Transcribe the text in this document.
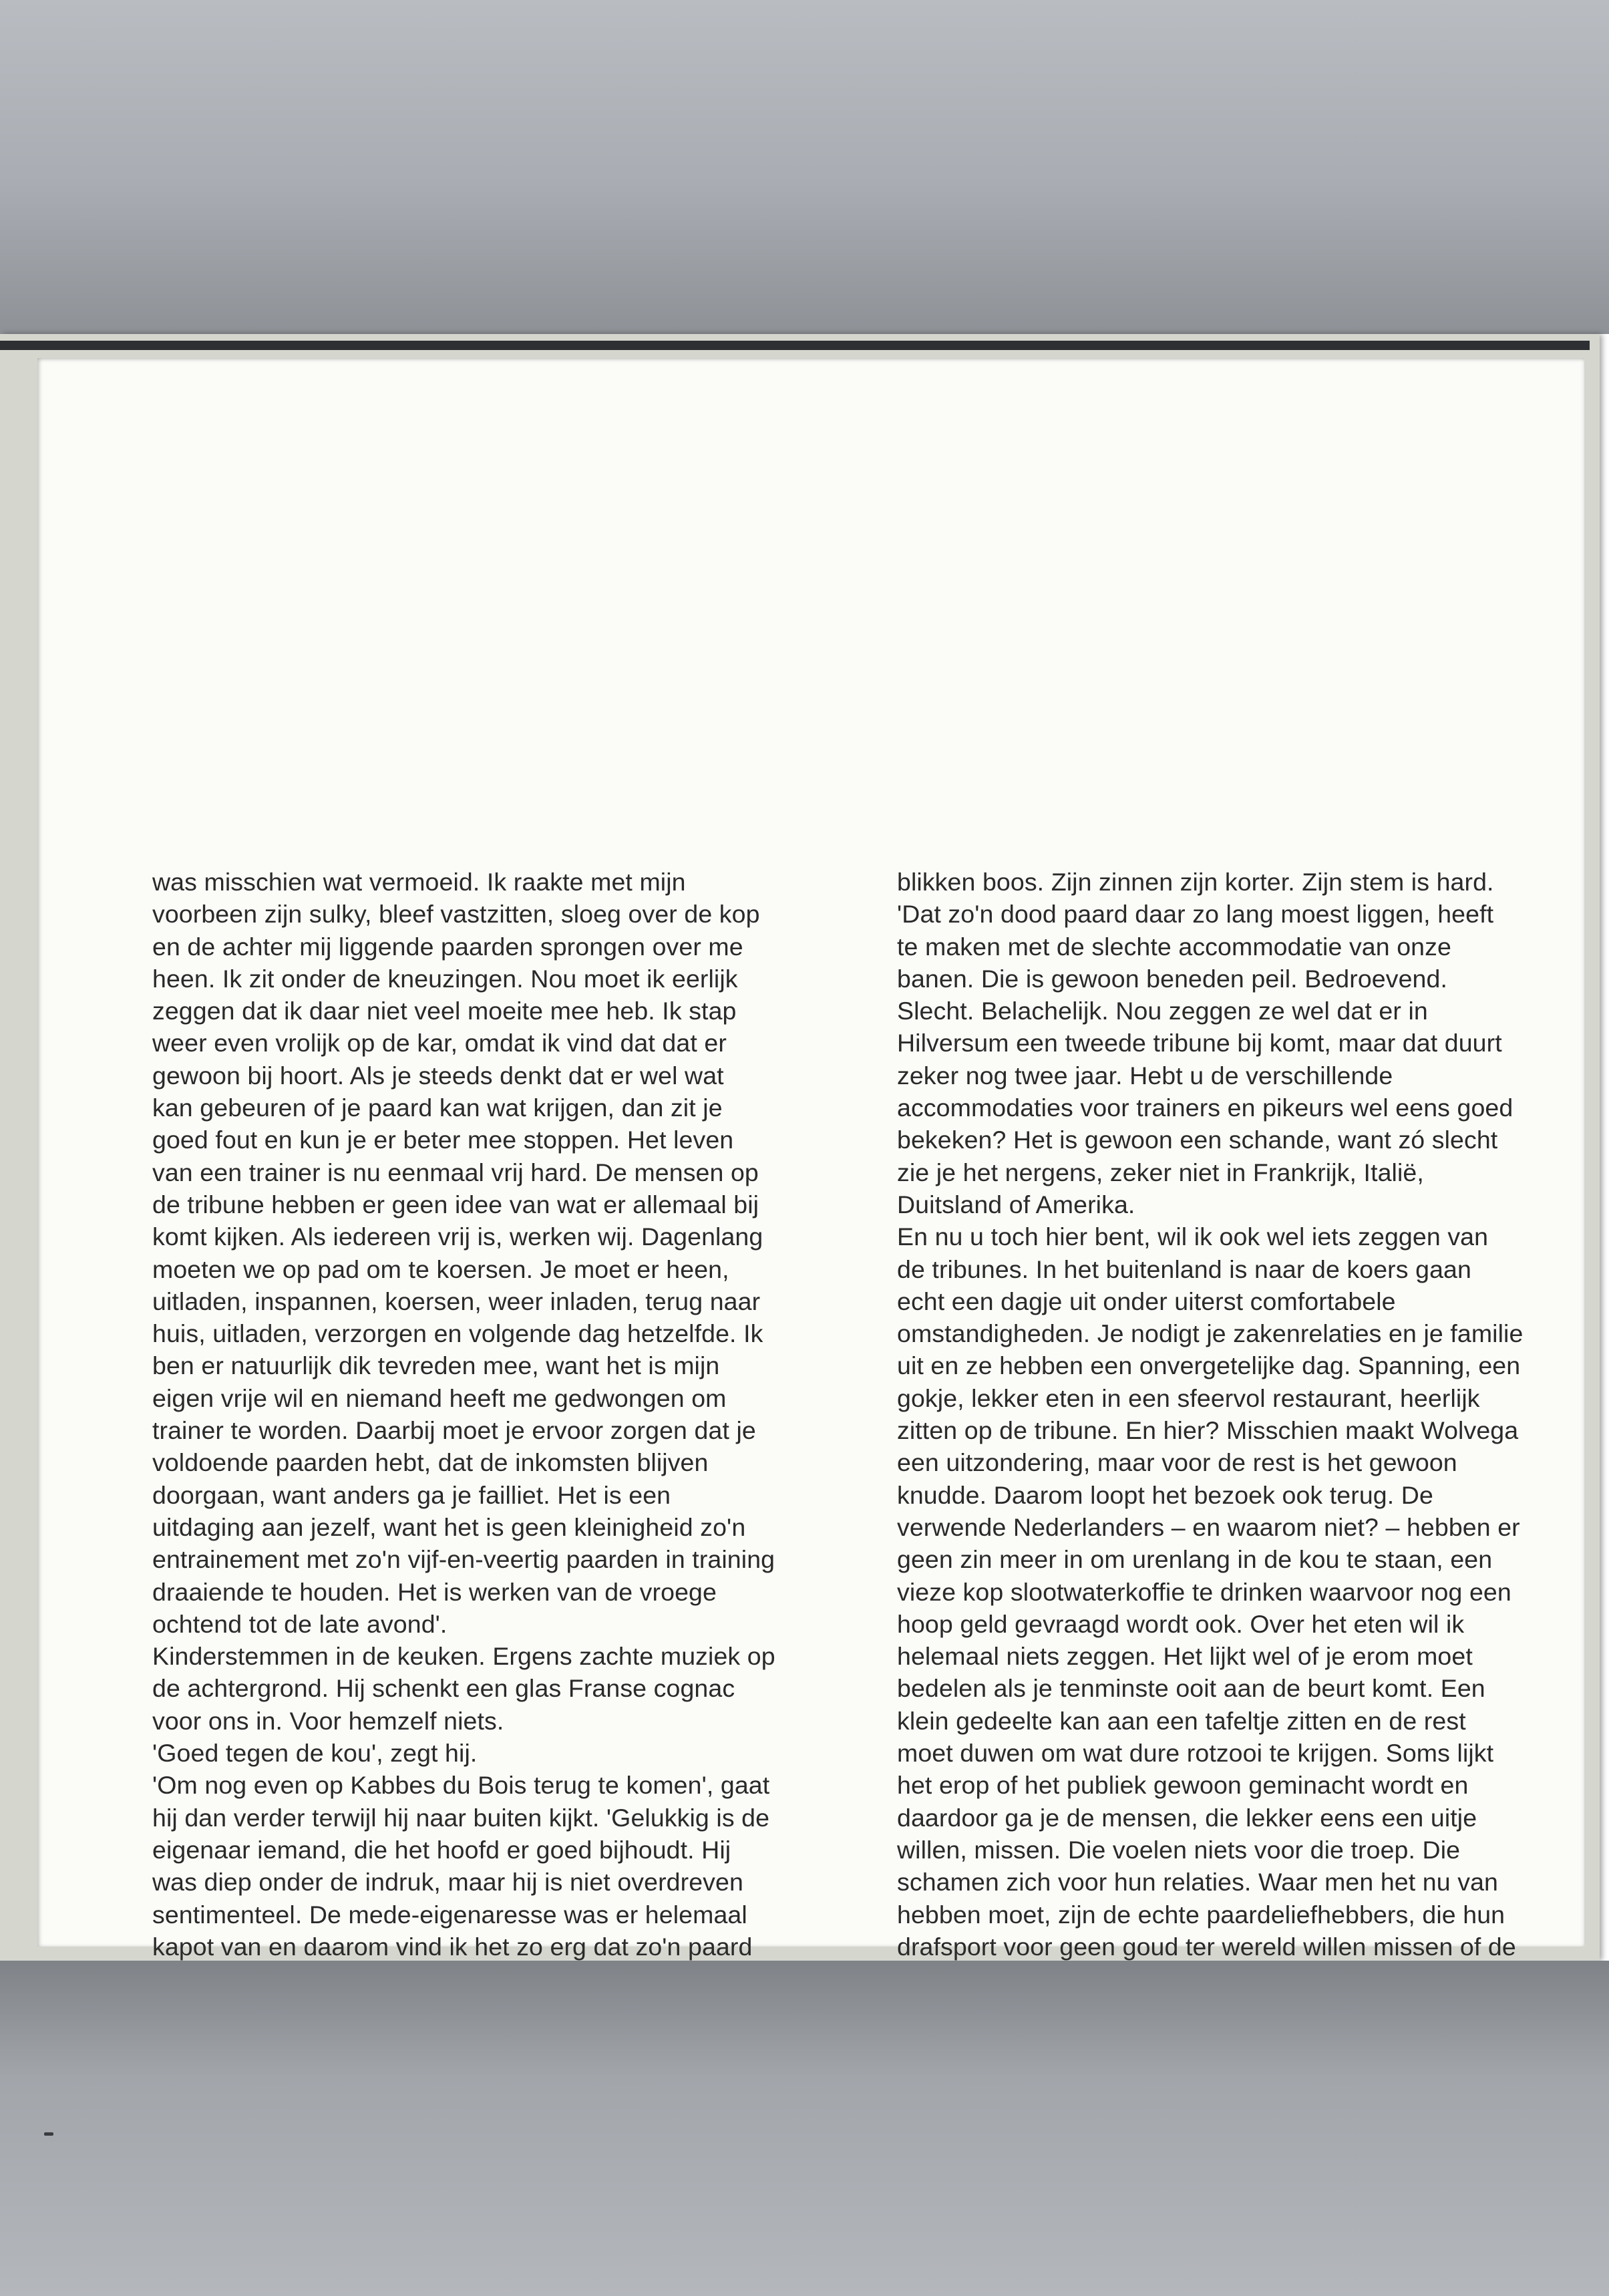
was misschien wat vermoeid. Ik raakte met mijn
voorbeen zijn sulky, bleef vastzitten, sloeg over de kop
en de achter mij liggende paarden sprongen over me
heen. Ik zit onder de kneuzingen. Nou moet ik eerlijk
zeggen dat ik daar niet veel moeite mee heb. Ik stap
weer even vrolijk op de kar, omdat ik vind dat dat er
gewoon bij hoort. Als je steeds denkt dat er wel wat
kan gebeuren of je paard kan wat krijgen, dan zit je
goed fout en kun je er beter mee stoppen. Het leven
van een trainer is nu eenmaal vrij hard. De mensen op
de tribune hebben er geen idee van wat er allemaal bij
komt kijken. Als iedereen vrij is, werken wij. Dagenlang
moeten we op pad om te koersen. Je moet er heen,
uitladen, inspannen, koersen, weer inladen, terug naar
huis, uitladen, verzorgen en volgende dag hetzelfde. Ik
ben er natuurlijk dik tevreden mee, want het is mijn
eigen vrije wil en niemand heeft me gedwongen om
trainer te worden. Daarbij moet je ervoor zorgen dat je
voldoende paarden hebt, dat de inkomsten blijven
doorgaan, want anders ga je failliet. Het is een
uitdaging aan jezelf, want het is geen kleinigheid zo'n
entrainement met zo'n vijf-en-veertig paarden in training
draaiende te houden. Het is werken van de vroege
ochtend tot de late avond'.
Kinderstemmen in de keuken. Ergens zachte muziek op
de achtergrond. Hij schenkt een glas Franse cognac
voor ons in. Voor hemzelf niets.
'Goed tegen de kou', zegt hij.
'Om nog even op Kabbes du Bois terug te komen', gaat
hij dan verder terwijl hij naar buiten kijkt. 'Gelukkig is de
eigenaar iemand, die het hoofd er goed bijhoudt. Hij
was diep onder de indruk, maar hij is niet overdreven
sentimenteel. De mede-eigenaresse was er helemaal
kapot van en daarom vind ik het zo erg dat zo'n paard
blikken boos. Zijn zinnen zijn korter. Zijn stem is hard.
'Dat zo'n dood paard daar zo lang moest liggen, heeft
te maken met de slechte accommodatie van onze
banen. Die is gewoon beneden peil. Bedroevend.
Slecht. Belachelijk. Nou zeggen ze wel dat er in
Hilversum een tweede tribune bij komt, maar dat duurt
zeker nog twee jaar. Hebt u de verschillende
accommodaties voor trainers en pikeurs wel eens goed
bekeken? Het is gewoon een schande, want zó slecht
zie je het nergens, zeker niet in Frankrijk, Italië,
Duitsland of Amerika.
En nu u toch hier bent, wil ik ook wel iets zeggen van
de tribunes. In het buitenland is naar de koers gaan
echt een dagje uit onder uiterst comfortabele
omstandigheden. Je nodigt je zakenrelaties en je familie
uit en ze hebben een onvergetelijke dag. Spanning, een
gokje, lekker eten in een sfeervol restaurant, heerlijk
zitten op de tribune. En hier? Misschien maakt Wolvega
een uitzondering, maar voor de rest is het gewoon
knudde. Daarom loopt het bezoek ook terug. De
verwende Nederlanders – en waarom niet? – hebben er
geen zin meer in om urenlang in de kou te staan, een
vieze kop slootwaterkoffie te drinken waarvoor nog een
hoop geld gevraagd wordt ook. Over het eten wil ik
helemaal niets zeggen. Het lijkt wel of je erom moet
bedelen als je tenminste ooit aan de beurt komt. Een
klein gedeelte kan aan een tafeltje zitten en de rest
moet duwen om wat dure rotzooi te krijgen. Soms lijkt
het erop of het publiek gewoon geminacht wordt en
daardoor ga je de mensen, die lekker eens een uitje
willen, missen. Die voelen niets voor die troep. Die
schamen zich voor hun relaties. Waar men het nu van
hebben moet, zijn de echte paardeliefhebbers, die hun
drafsport voor geen goud ter wereld willen missen of de
